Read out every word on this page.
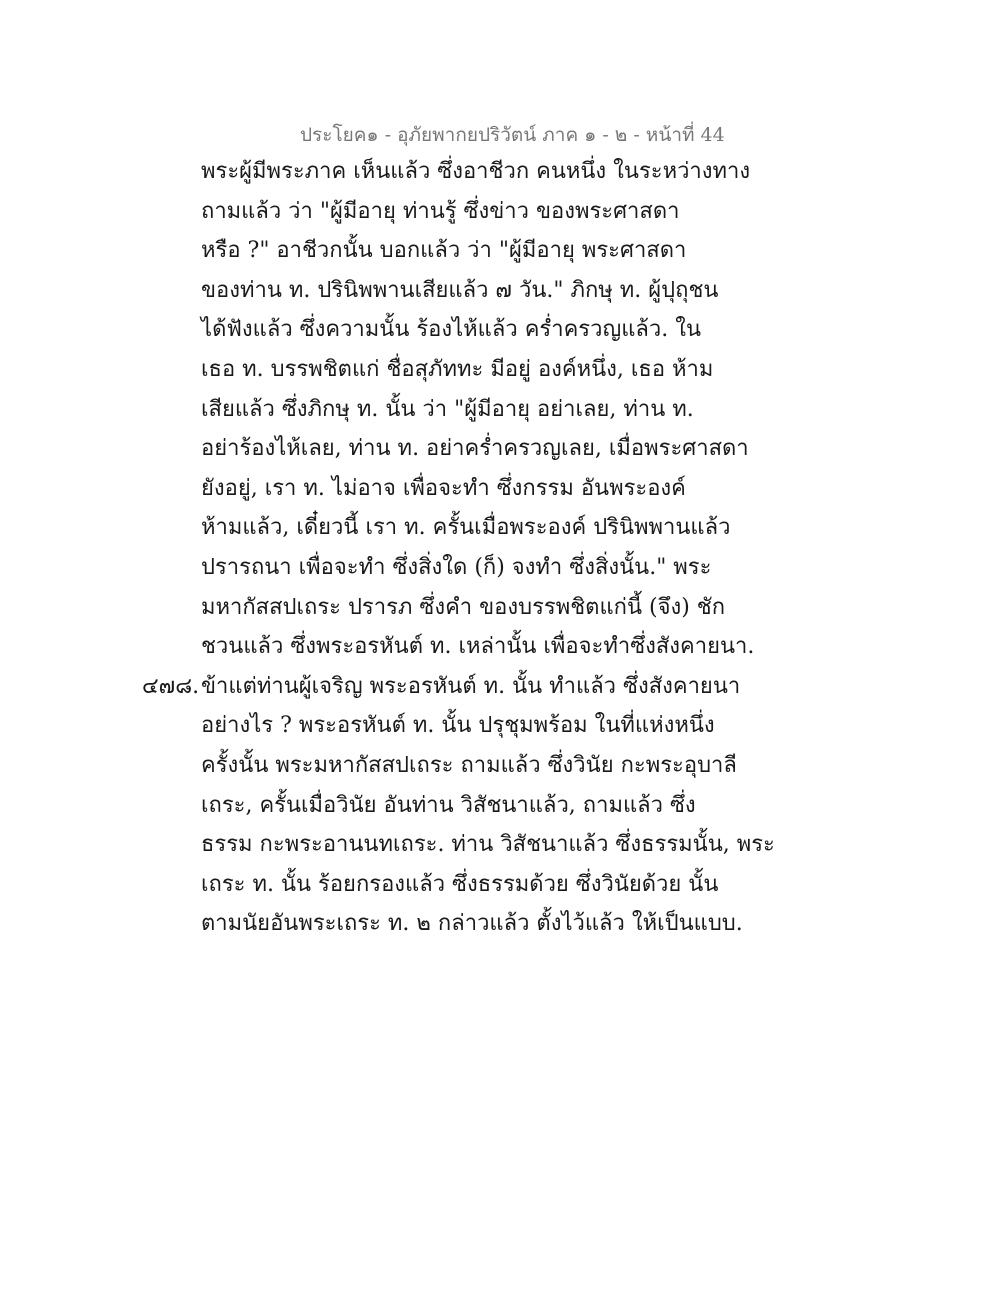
ประโยค๑ - อุภัยพากยปริวัตน์ ภาค ๑ - ๒ - หน้าที่ 44
พระผู้มีพระภาค เห็นแล้ว ซึ่งอาชีวก คนหนึ่ง ในระหว่างทาง
ถามแล้ว ว่า "ผู้มีอายุ ท่านรู้ ซึ่งข่าว ของพระศาสดา
หรือ ?" อาชีวกนั้น บอกแล้ว ว่า "ผู้มีอายุ พระศาสดา
ของท่าน ท. ปรินิพพานเสียแล้ว ๗ วัน." ภิกษุ ท. ผู้ปุถุชน
ได้ฟังแล้ว ซึ่งความนั้น ร้องไห้แล้ว คร่ำครวญแล้ว. ใน
เธอ ท. บรรพชิตแก่ ชื่อสุภัททะ มีอยู่ องค์หนึ่ง, เธอ ห้าม
เสียแล้ว ซึ่งภิกษุ ท. นั้น ว่า "ผู้มีอายุ อย่าเลย, ท่าน ท.
อย่าร้องไห้เลย, ท่าน ท. อย่าคร่ำครวญเลย, เมื่อพระศาสดา
ยังอยู่, เรา ท. ไม่อาจ เพื่อจะทำ ซึ่งกรรม อันพระองค์
ห้ามแล้ว, เดี๋ยวนี้ เรา ท. ครั้นเมื่อพระองค์ ปรินิพพานแล้ว
ปรารถนา เพื่อจะทำ ซึ่งสิ่งใด (ก็) จงทำ ซึ่งสิ่งนั้น." พระ
มหากัสสปเถระ ปรารภ ซึ่งคำ ของบรรพชิตแก่นี้ (จึง) ชัก
ชวนแล้ว ซึ่งพระอรหันต์ ท. เหล่านั้น เพื่อจะทำซึ่งสังคายนา.
๔๗๘. ข้าแต่ท่านผู้เจริญ พระอรหันต์ ท. นั้น ทำแล้ว ซึ่งสังคายนา
อย่างไร ? พระอรหันต์ ท. นั้น ปรุชุมพร้อม ในที่แห่งหนึ่ง
ครั้งนั้น พระมหากัสสปเถระ ถามแล้ว ซึ่งวินัย กะพระอุบาลี
เถระ, ครั้นเมื่อวินัย อันท่าน วิสัชนาแล้ว, ถามแล้ว ซึ่ง
ธรรม กะพระอานนทเถระ. ท่าน วิสัชนาแล้ว ซึ่งธรรมนั้น, พระ
เถระ ท. นั้น ร้อยกรองแล้ว ซึ่งธรรมด้วย ซึ่งวินัยด้วย นั้น
ตามนัยอันพระเถระ ท. ๒ กล่าวแล้ว ตั้งไว้แล้ว ให้เป็นแบบ.
